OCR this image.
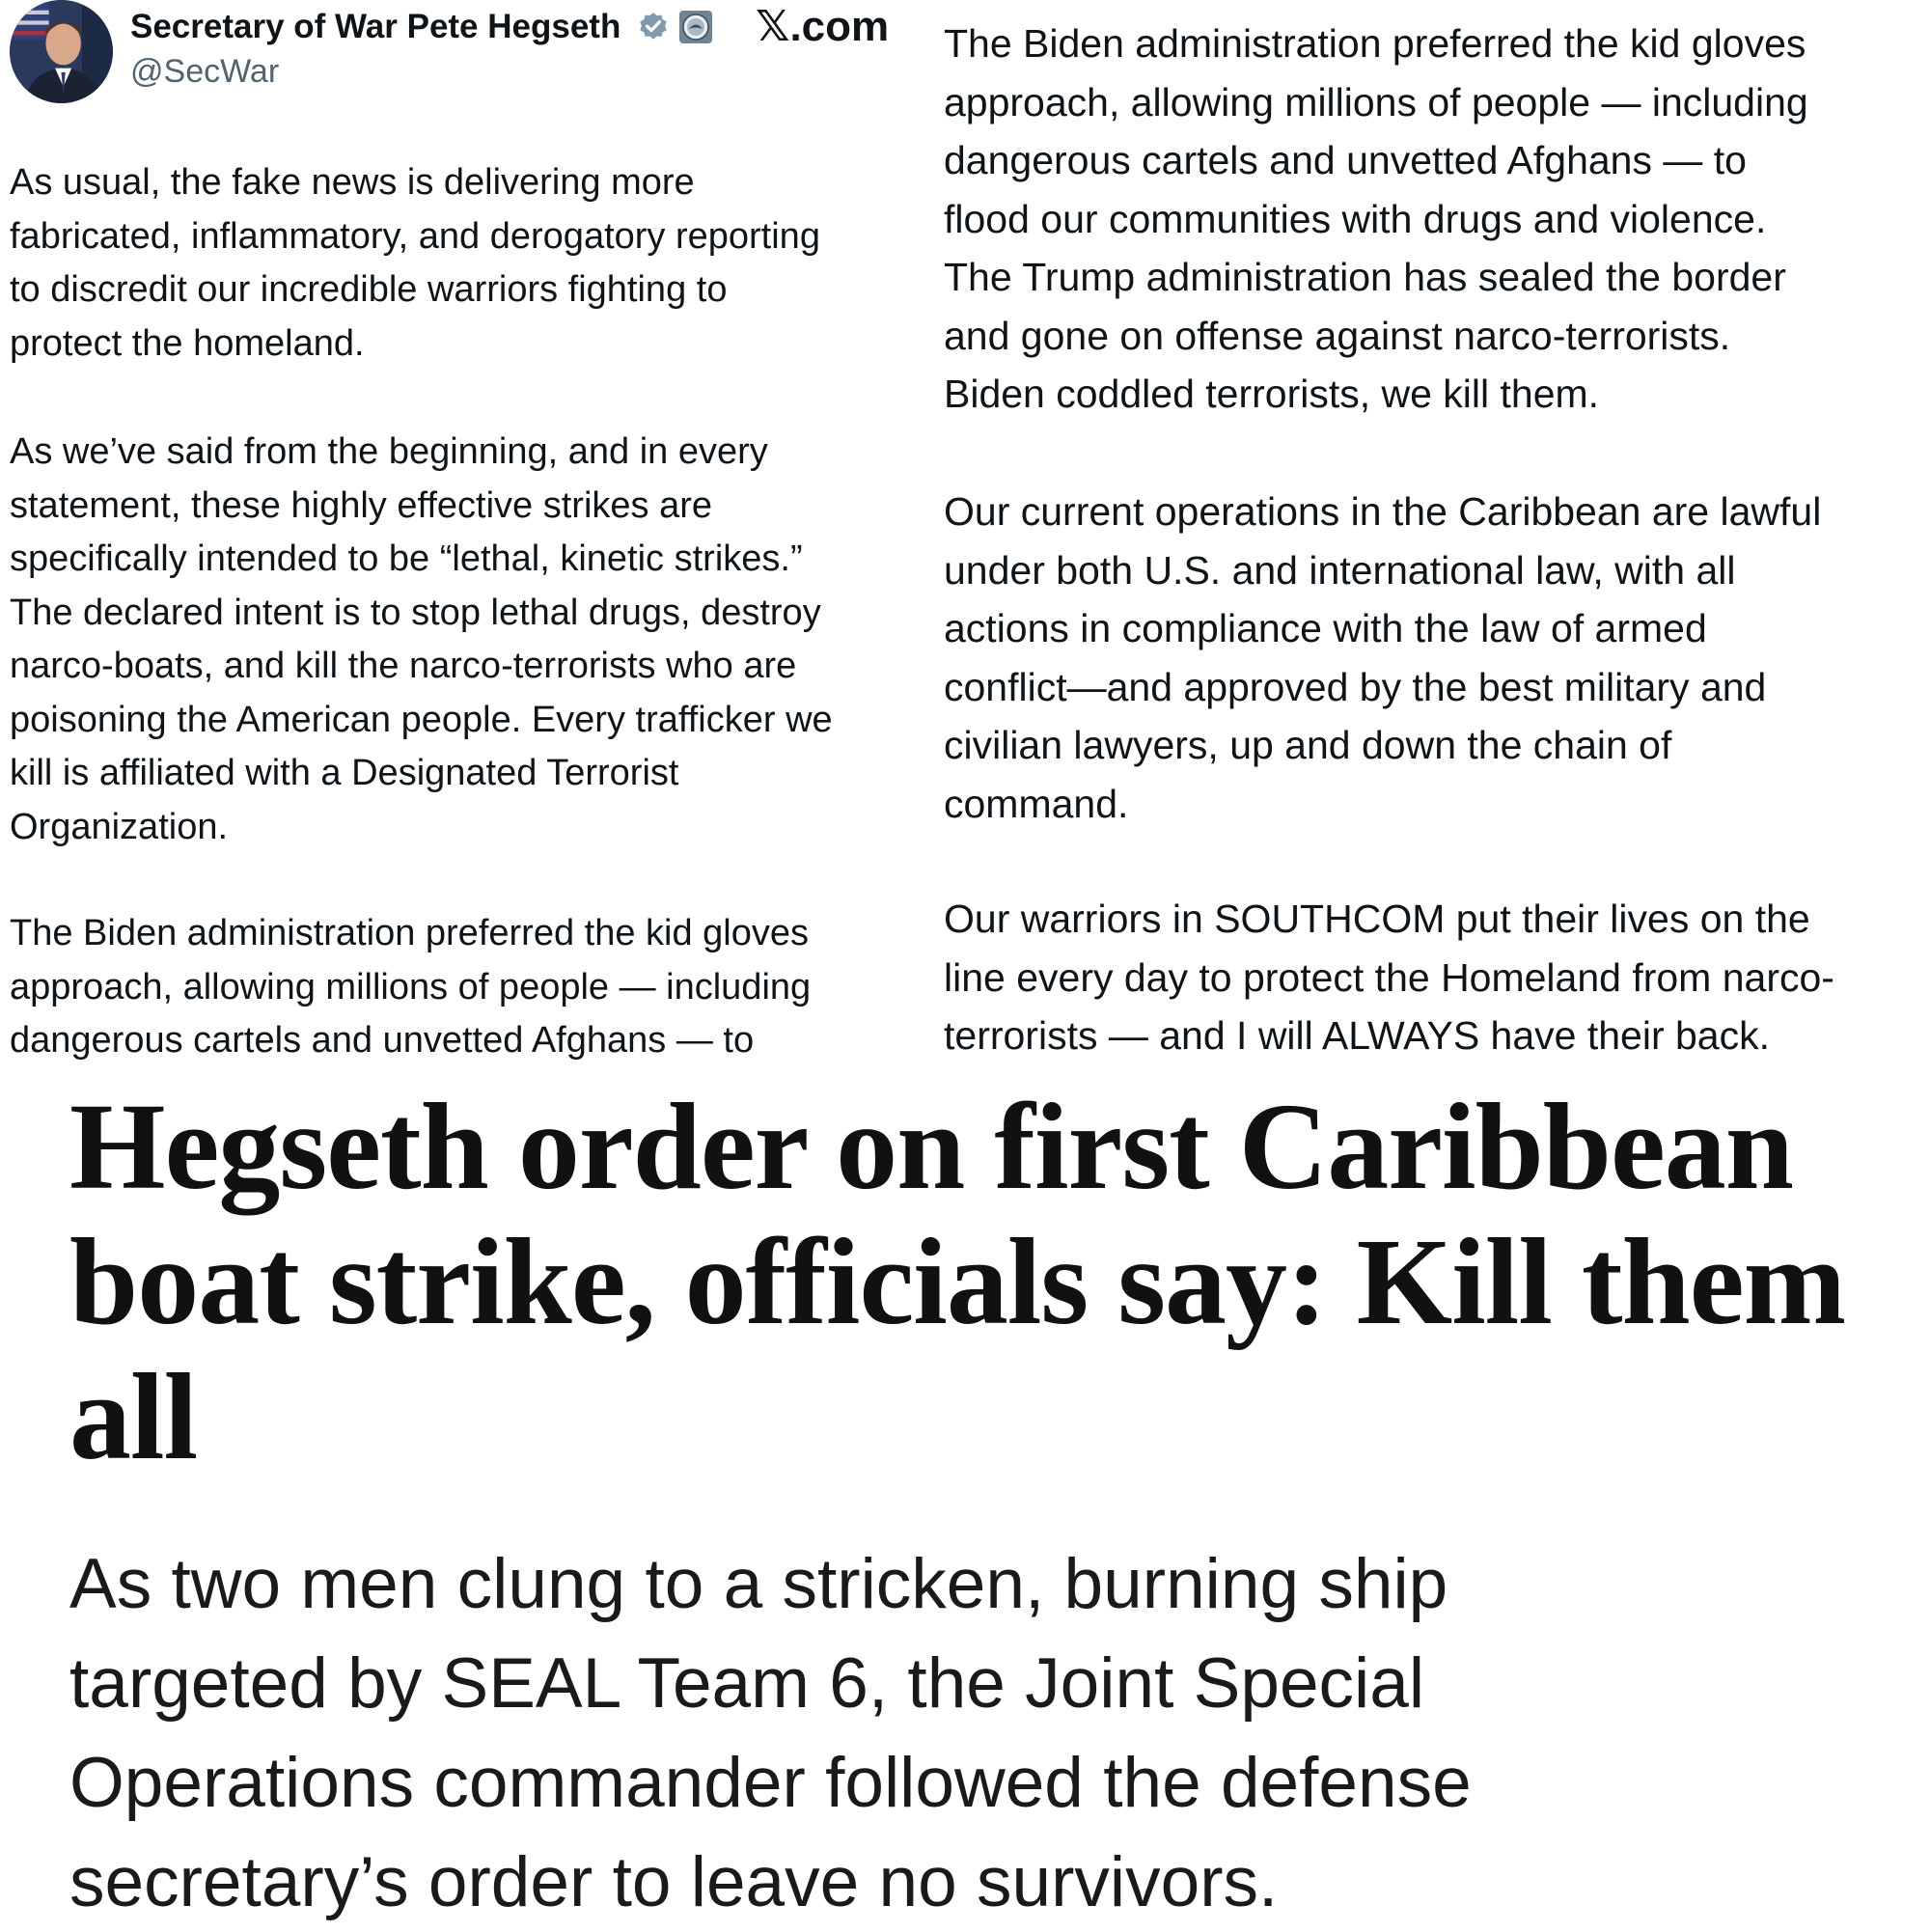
Secretary of War Pete Hegseth	𝕏.com
@SecWar

As usual, the fake news is delivering more
fabricated, inflammatory, and derogatory reporting
to discredit our incredible warriors fighting to
protect the homeland.

As we’ve said from the beginning, and in every
statement, these highly effective strikes are
specifically intended to be “lethal, kinetic strikes.”
The declared intent is to stop lethal drugs, destroy
narco-boats, and kill the narco-terrorists who are
poisoning the American people. Every trafficker we
kill is affiliated with a Designated Terrorist
Organization.

The Biden administration preferred the kid gloves
approach, allowing millions of people — including
dangerous cartels and unvetted Afghans — to

The Biden administration preferred the kid gloves
approach, allowing millions of people — including
dangerous cartels and unvetted Afghans — to
flood our communities with drugs and violence.
The Trump administration has sealed the border
and gone on offense against narco-terrorists.
Biden coddled terrorists, we kill them.

Our current operations in the Caribbean are lawful
under both U.S. and international law, with all
actions in compliance with the law of armed
conflict—and approved by the best military and
civilian lawyers, up and down the chain of
command.

Our warriors in SOUTHCOM put their lives on the
line every day to protect the Homeland from narco-
terrorists — and I will ALWAYS have their back.

Hegseth order on first Caribbean
boat strike, officials say: Kill them
all

As two men clung to a stricken, burning ship
targeted by SEAL Team 6, the Joint Special
Operations commander followed the defense
secretary’s order to leave no survivors.
